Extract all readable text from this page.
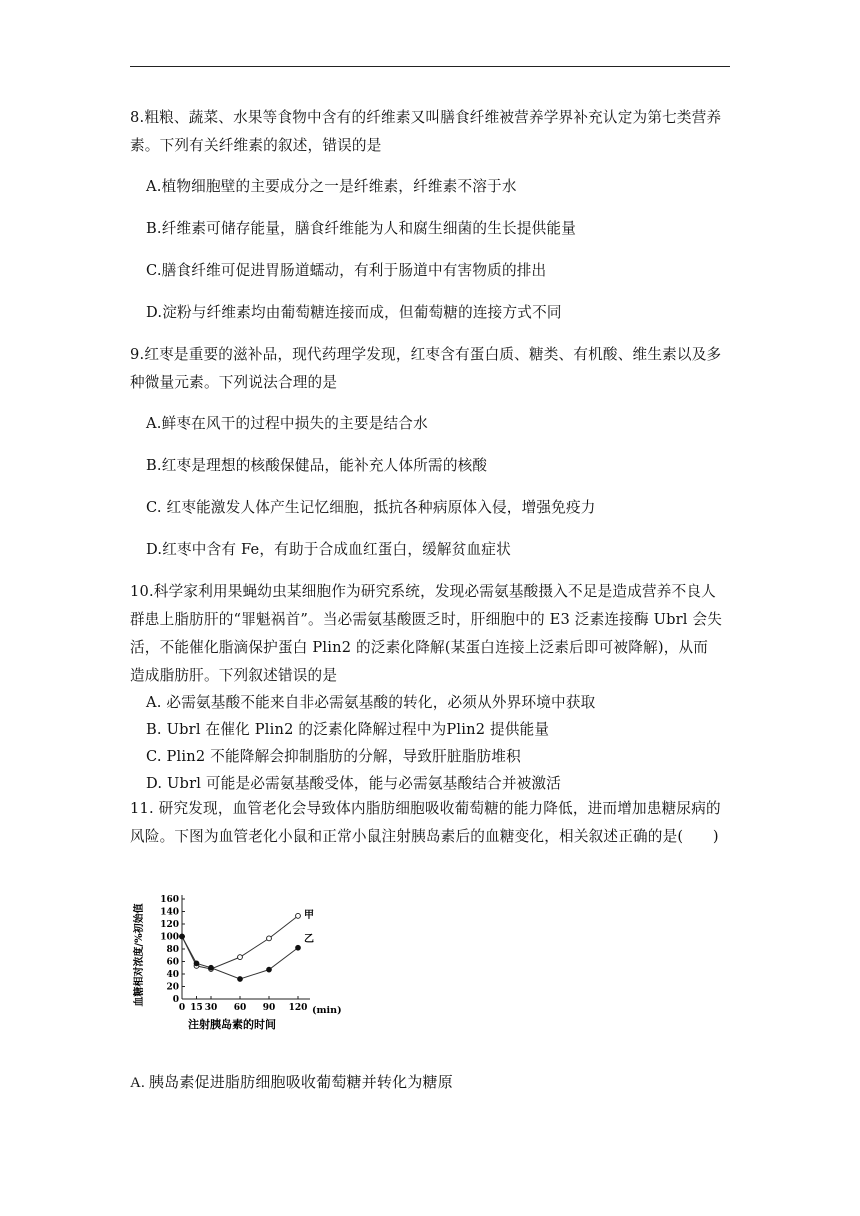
8.粗粮、蔬菜、水果等食物中含有的纤维素又叫膳食纤维被营养学界补充认定为第七类营养
素。下列有关纤维素的叙述，错误的是
A.植物细胞壁的主要成分之一是纤维素，纤维素不溶于水
B.纤维素可储存能量，膳食纤维能为人和腐生细菌的生长提供能量
C.膳食纤维可促进胃肠道蠕动，有利于肠道中有害物质的排出
D.淀粉与纤维素均由葡萄糖连接而成，但葡萄糖的连接方式不同
9.红枣是重要的滋补品，现代药理学发现，红枣含有蛋白质、糖类、有机酸、维生素以及多
种微量元素。下列说法合理的是
A.鲜枣在风干的过程中损失的主要是结合水
B.红枣是理想的核酸保健品，能补充人体所需的核酸
C. 红枣能激发人体产生记忆细胞，抵抗各种病原体入侵，增强免疫力
D.红枣中含有 Fe，有助于合成血红蛋白，缓解贫血症状
10.科学家利用果蝇幼虫某细胞作为研究系统，发现必需氨基酸摄入不足是造成营养不良人
群患上脂肪肝的“罪魁祸首”。当必需氨基酸匮乏时，肝细胞中的 E3 泛素连接酶 Ubrl 会失
活，不能催化脂滴保护蛋白 Plin2 的泛素化降解(某蛋白连接上泛素后即可被降解)，从而
造成脂肪肝。下列叙述错误的是
A. 必需氨基酸不能来自非必需氨基酸的转化，必须从外界环境中获取
B. Ubrl 在催化 Plin2 的泛素化降解过程中为Plin2 提供能量
C. Plin2 不能降解会抑制脂肪的分解，导致肝脏脂肪堆积
D. Ubrl 可能是必需氨基酸受体，能与必需氨基酸结合并被激活
11. 研究发现，血管老化会导致体内脂肪细胞吸收葡萄糖的能力降低，进而增加患糖尿病的
风险。下图为血管老化小鼠和正常小鼠注射胰岛素后的血糖变化，相关叙述正确的是(　　)
0
20
40
60
80
100
120
140
160
0 15 30 60 90 120
甲
乙
血糖相对浓度/%初始值
注射胰岛素的时间
(min)
A. 胰岛素促进脂肪细胞吸收葡萄糖并转化为糖原
